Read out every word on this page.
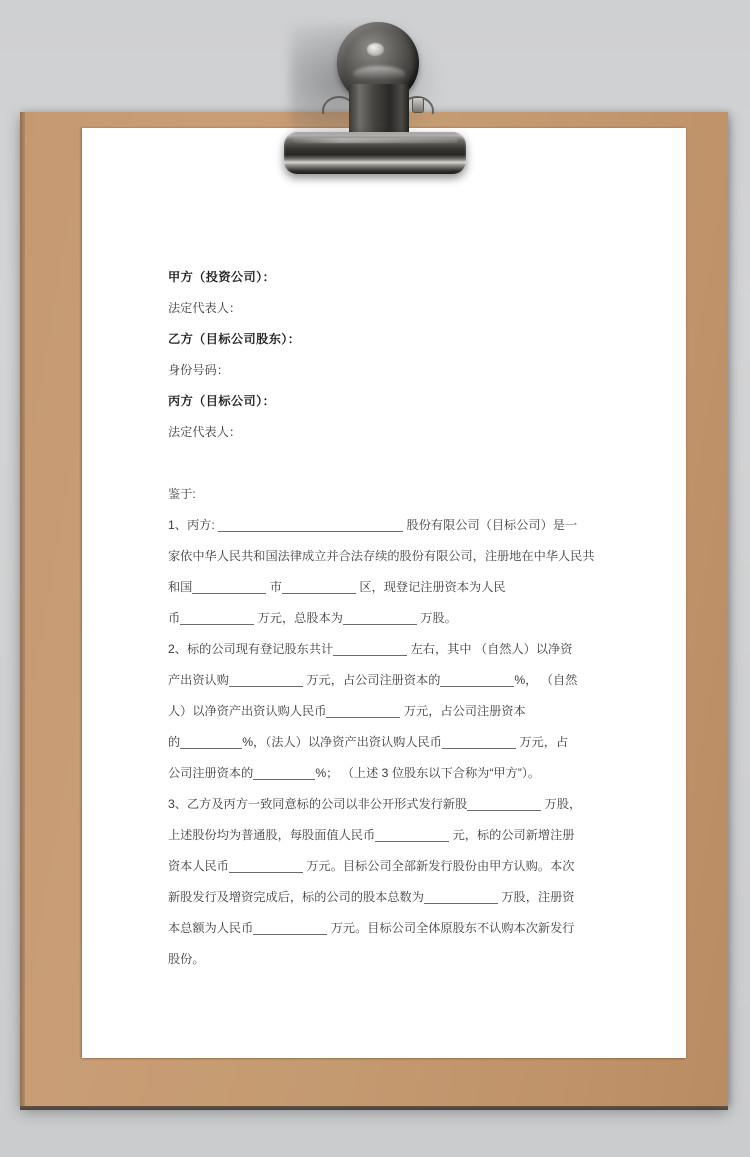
甲方（投资公司）：
法定代表人：
乙方（目标公司股东）：
身份号码：
丙方（目标公司）：
法定代表人：
鉴于:
1、丙方:	股份有限公司（目标公司）是一
家依中华人民共和国法律成立并合法存续的股份有限公司，注册地在中华人民共
和国	市	区，现登记注册资本为人民
币	万元，总股本为	万股。
2、标的公司现有登记股东共计	左右，其中 （自然人）以净资
产出资认购	万元，占公司注册资本的	%， （自然
人）以净资产出资认购人民币	万元，占公司注册资本
的	%，（法人）以净资产出资认购人民币	万元，占
公司注册资本的	%； （上述 3 位股东以下合称为“甲方”）。
3、乙方及丙方一致同意标的公司以非公开形式发行新股	万股，
上述股份均为普通股，每股面值人民币	元，标的公司新增注册
资本人民币	万元。目标公司全部新发行股份由甲方认购。本次
新股发行及增资完成后，标的公司的股本总数为	万股，注册资
本总额为人民币	万元。目标公司全体原股东不认购本次新发行
股份。
